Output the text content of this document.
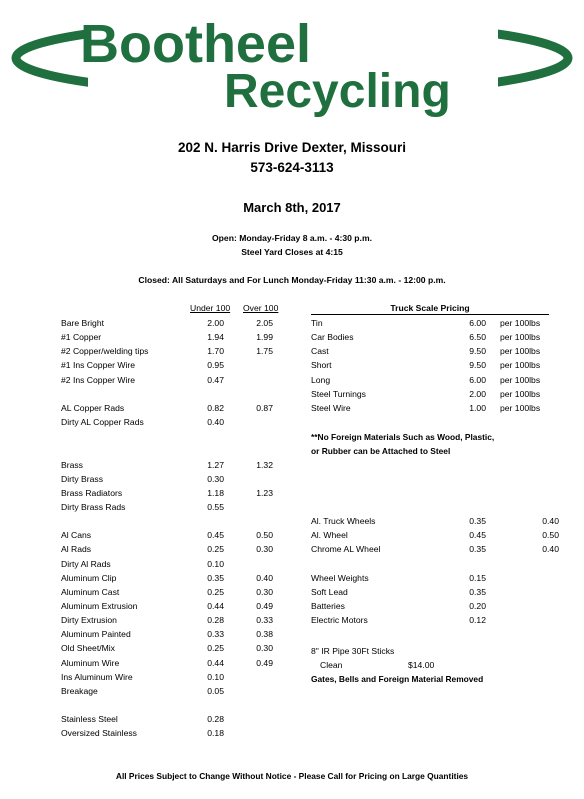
Bootheel
Recycling
202 N. Harris Drive Dexter, Missouri
573-624-3113
March 8th, 2017
Open: Monday-Friday 8 a.m. - 4:30 p.m.
Steel Yard Closes at 4:15
Closed: All Saturdays and For Lunch Monday-Friday 11:30 a.m. - 12:00 p.m.
Under 100 Over 100
Bare Bright	2.00	2.05
#1 Copper	1.94	1.99
#2 Copper/welding tips	1.70	1.75
#1 Ins Copper Wire	0.95
#2 Ins Copper Wire	0.47
AL Copper Rads	0.82	0.87
Dirty AL Copper Rads	0.40
Brass	1.27	1.32
Dirty Brass	0.30
Brass Radiators	1.18	1.23
Dirty Brass Rads	0.55
Al Cans	0.45	0.50
Al Rads	0.25	0.30
Dirty Al Rads	0.10
Aluminum Clip	0.35	0.40
Aluminum Cast	0.25	0.30
Aluminum Extrusion	0.44	0.49
Dirty Extrusion	0.28	0.33
Aluminum Painted	0.33	0.38
Old Sheet/Mix	0.25	0.30
Aluminum Wire	0.44	0.49
Ins Aluminum Wire	0.10
Breakage	0.05
Stainless Steel	0.28
Oversized Stainless	0.18
Truck Scale Pricing
Tin	6.00 per 100lbs
Car Bodies	6.50 per 100lbs
Cast	9.50 per 100lbs
Short	9.50 per 100lbs
Long	6.00 per 100lbs
Steel Turnings	2.00 per 100lbs
Steel Wire	1.00 per 100lbs
**No Foreign Materials Such as Wood, Plastic,
or Rubber can be Attached to Steel
Al. Truck Wheels	0.35	0.40
Al. Wheel	0.45	0.50
Chrome AL Wheel	0.35	0.40
Wheel Weights	0.15
Soft Lead	0.35
Batteries	0.20
Electric Motors	0.12
8" IR Pipe 30Ft Sticks
Clean	$14.00
Gates, Bells and Foreign Material Removed
All Prices Subject to Change Without Notice - Please Call for Pricing on Large Quantities
